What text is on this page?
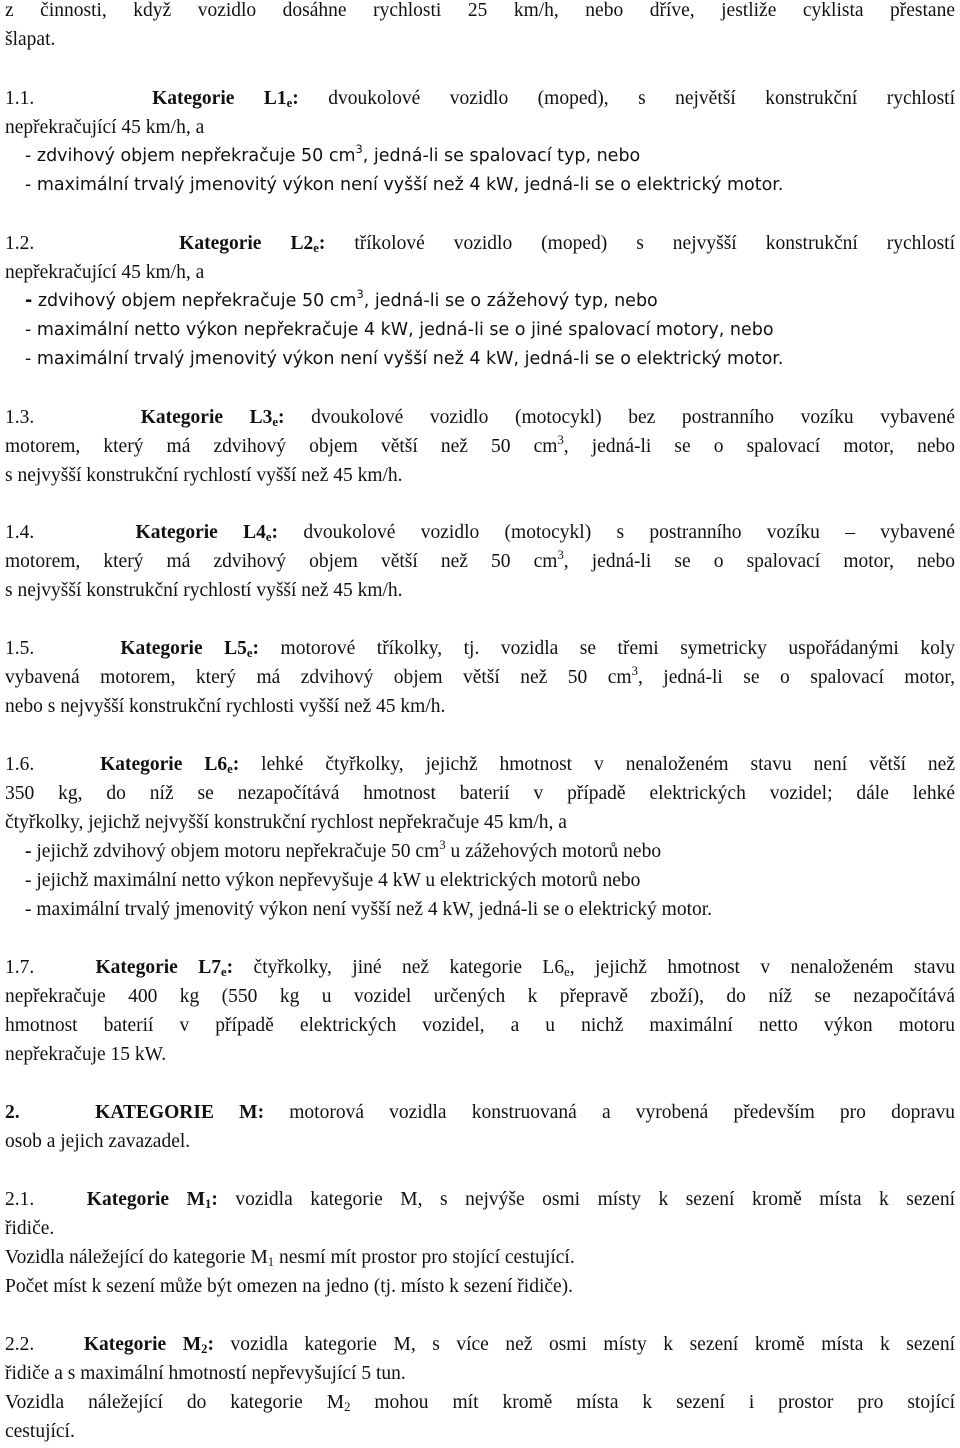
z činnosti, když vozidlo dosáhne rychlosti 25 km/h, nebo dříve, jestliže cyklista přestane
šlapat.
1.1.	Kategorie $L1_e$: dvoukolové vozidlo (moped), s největší konstrukční rychlostí
nepřekračující 45 km/h, a
- zdvihový objem nepřekračuje 50 $cm^3$, jedná-li se spalovací typ, nebo
- maximální trvalý jmenovitý výkon není vyšší než 4 kW, jedná-li se o elektrický motor.
1.2.	Kategorie $L2_e$: tříkolové vozidlo (moped) s nejvyšší konstrukční rychlostí
nepřekračující 45 km/h, a
- zdvihový objem nepřekračuje 50 $cm^3$, jedná-li se o zážehový typ, nebo
- maximální netto výkon nepřekračuje 4 kW, jedná-li se o jiné spalovací motory, nebo
- maximální trvalý jmenovitý výkon není vyšší než 4 kW, jedná-li se o elektrický motor.
1.3.	Kategorie $L3_e$: dvoukolové vozidlo (motocykl) bez postranního vozíku vybavené
motorem, který má zdvihový objem větší než 50 $cm^3$, jedná-li se o spalovací motor, nebo
s nejvyšší konstrukční rychlostí vyšší než 45 km/h.
1.4.	Kategorie $L4_e$: dvoukolové vozidlo (motocykl) s postranního vozíku – vybavené
motorem, který má zdvihový objem větší než 50 $cm^3$, jedná-li se o spalovací motor, nebo
s nejvyšší konstrukční rychlostí vyšší než 45 km/h.
1.5.	Kategorie $L5_e$: motorové tříkolky, tj. vozidla se třemi symetricky uspořádanými koly
vybavená motorem, který má zdvihový objem větší než 50 $cm^3$, jedná-li se o spalovací motor,
nebo s nejvyšší konstrukční rychlosti vyšší než 45 km/h.
1.6.	Kategorie $L6_e$: lehké čtyřkolky, jejichž hmotnost v nenaloženém stavu není větší než
350 kg, do níž se nezapočítává hmotnost baterií v případě elektrických vozidel; dále lehké
čtyřkolky, jejichž nejvyšší konstrukční rychlost nepřekračuje 45 km/h, a
- jejichž zdvihový objem motoru nepřekračuje 50 $cm^3$ u zážehových motorů nebo
- jejichž maximální netto výkon nepřevyšuje 4 kW u elektrických motorů nebo
- maximální trvalý jmenovitý výkon není vyšší než 4 kW, jedná-li se o elektrický motor.
1.7.	Kategorie $L7_e$: čtyřkolky, jiné než kategorie $L6_e$, jejichž hmotnost v nenaloženém stavu
nepřekračuje 400 kg (550 kg u vozidel určených k přepravě zboží), do níž se nezapočítává
hmotnost baterií v případě elektrických vozidel, a u nichž maximální netto výkon motoru
nepřekračuje 15 kW.
2.	KATEGORIE M: motorová vozidla konstruovaná a vyrobená především pro dopravu
osob a jejich zavazadel.
2.1.	Kategorie $M_1$: vozidla kategorie M, s nejvýše osmi místy k sezení kromě místa k sezení
řidiče.
Vozidla náležející do kategorie $M_1$ nesmí mít prostor pro stojící cestující.
Počet míst k sezení může být omezen na jedno (tj. místo k sezení řidiče).
2.2.	Kategorie $M_2$: vozidla kategorie M, s více než osmi místy k sezení kromě místa k sezení
řidiče a s maximální hmotností nepřevyšující 5 tun.
Vozidla náležející do kategorie $M_2$ mohou mít kromě místa k sezení i prostor pro stojící
cestující.
